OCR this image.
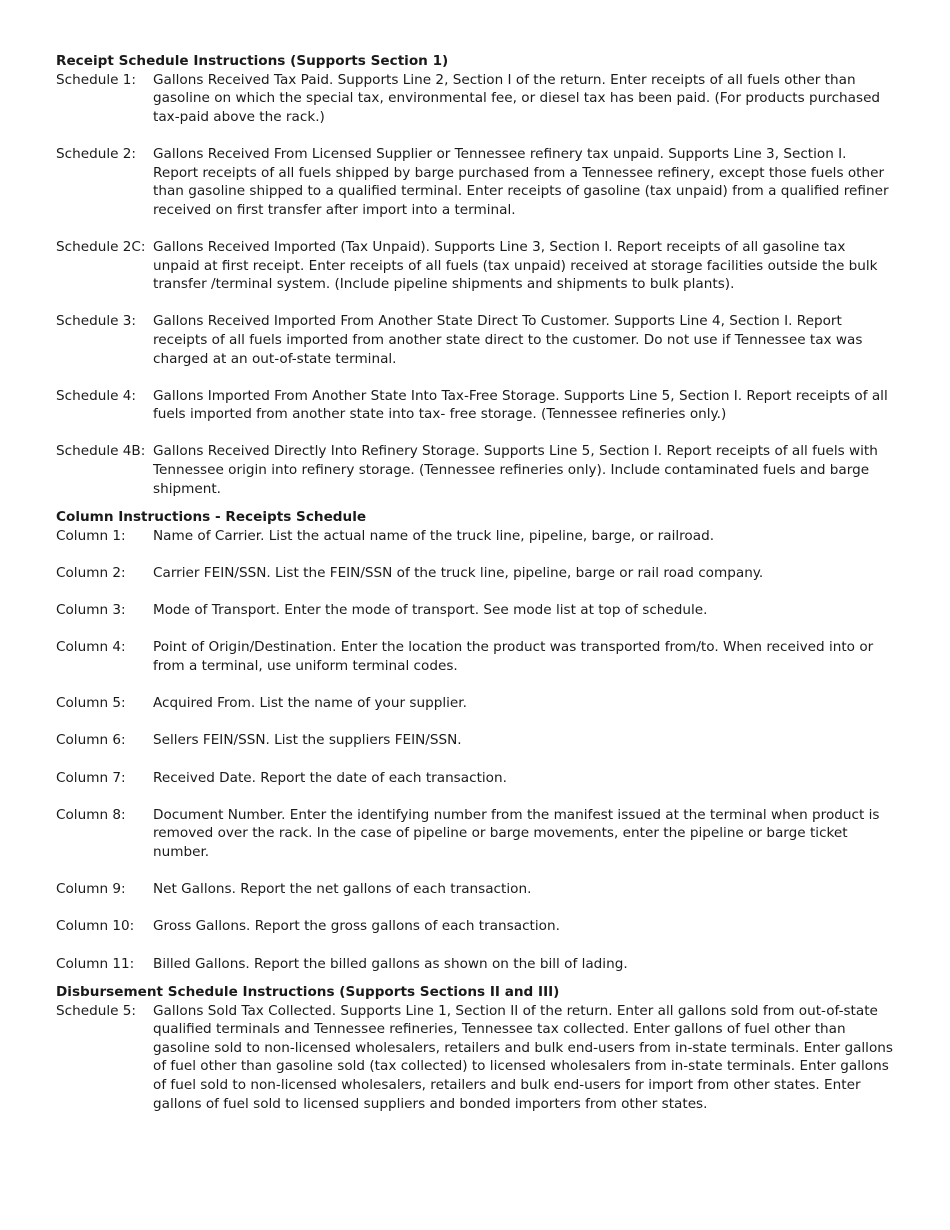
Receipt Schedule Instructions (Supports Section 1)

Schedule 1:	Gallons Received Tax Paid. Supports Line 2, Section I of the return. Enter receipts of all fuels other than gasoline on which the special tax, environmental fee, or diesel tax has been paid. (For products purchased tax-paid above the rack.)
Schedule 2:	Gallons Received From Licensed Supplier or Tennessee refinery tax unpaid. Supports Line 3, Section I. Report receipts of all fuels shipped by barge purchased from a Tennessee refinery, except those fuels other than gasoline shipped to a qualified terminal. Enter receipts of gasoline (tax unpaid) from a qualified refiner received on first transfer after import into a terminal.
Schedule 2C: Gallons Received Imported (Tax Unpaid). Supports Line 3, Section I. Report receipts of all gasoline tax unpaid at first receipt. Enter receipts of all fuels (tax unpaid) received at storage facilities outside the bulk transfer /terminal system. (Include pipeline shipments and shipments to bulk plants).
Schedule 3:	Gallons Received Imported From Another State Direct To Customer. Supports Line 4, Section I. Report receipts of all fuels imported from another state direct to the customer. Do not use if Tennessee tax was charged at an out-of-state terminal.
Schedule 4:	Gallons Imported From Another State Into Tax-Free Storage. Supports Line 5, Section I. Report receipts of all fuels imported from another state into tax- free storage. (Tennessee refineries only.)
Schedule 4B: Gallons Received Directly Into Refinery Storage. Supports Line 5, Section I. Report receipts of all fuels with Tennessee origin into refinery storage. (Tennessee refineries only). Include contaminated fuels and barge shipment.

Column Instructions - Receipts Schedule

Column 1:	Name of Carrier. List the actual name of the truck line, pipeline, barge, or railroad.
Column 2:	Carrier FEIN/SSN. List the FEIN/SSN of the truck line, pipeline, barge or rail road company.
Column 3:	Mode of Transport. Enter the mode of transport. See mode list at top of schedule.
Column 4:	Point of Origin/Destination. Enter the location the product was transported from/to. When received into or from a terminal, use uniform terminal codes.
Column 5:	Acquired From. List the name of your supplier.
Column 6:	Sellers FEIN/SSN. List the suppliers FEIN/SSN.
Column 7:	Received Date. Report the date of each transaction.
Column 8:	Document Number. Enter the identifying number from the manifest issued at the terminal when product is removed over the rack. In the case of pipeline or barge movements, enter the pipeline or barge ticket number.
Column 9:	Net Gallons. Report the net gallons of each transaction.
Column 10:	Gross Gallons. Report the gross gallons of each transaction.
Column 11:	Billed Gallons. Report the billed gallons as shown on the bill of lading.

Disbursement Schedule Instructions (Supports Sections II and III)

Schedule 5:	Gallons Sold Tax Collected. Supports Line 1, Section II of the return. Enter all gallons sold from out-of-state qualified terminals and Tennessee refineries, Tennessee tax collected. Enter gallons of fuel other than gasoline sold to non-licensed wholesalers, retailers and bulk end-users from in-state terminals. Enter gallons of fuel other than gasoline sold (tax collected) to licensed wholesalers from in-state terminals. Enter gallons of fuel sold to non-licensed wholesalers, retailers and bulk end-users for import from other states. Enter gallons of fuel sold to licensed suppliers and bonded importers from other states.
